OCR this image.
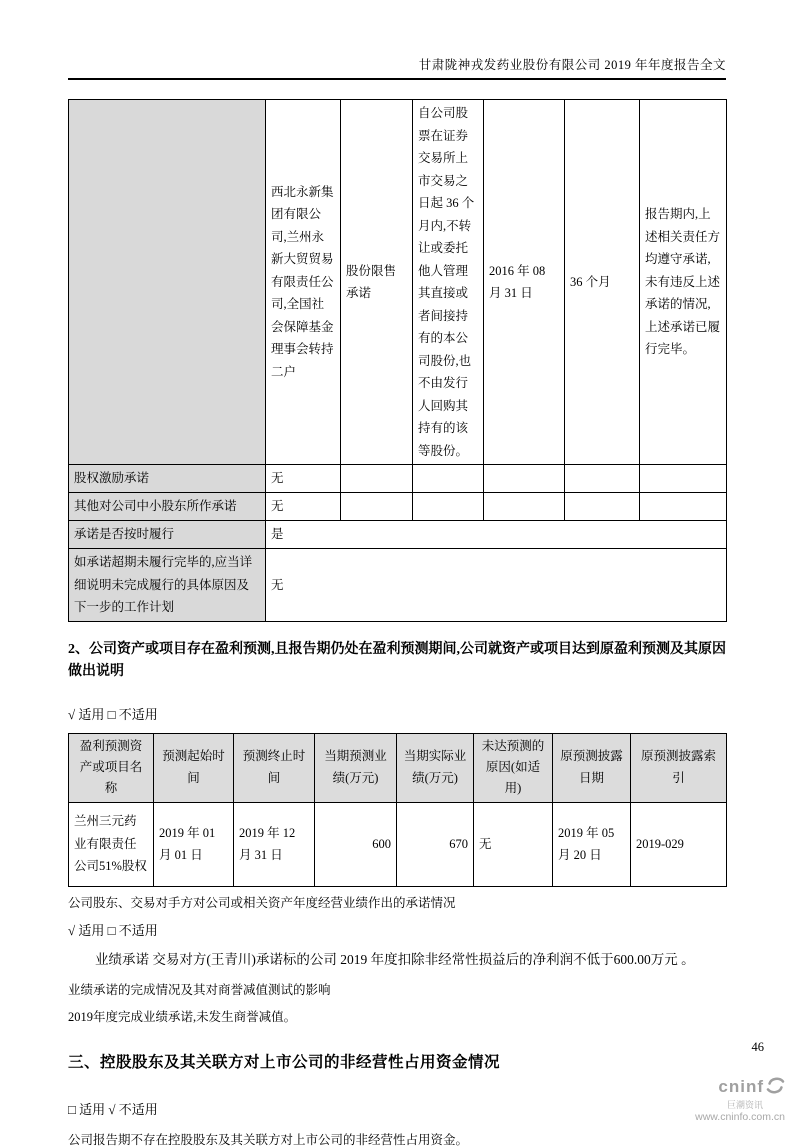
甘肃陇神戎发药业股份有限公司 2019 年年度报告全文
	西北永新集团有限公司,兰州永新大贸贸易有限责任公司,全国社会保障基金理事会转持二户	股份限售承诺	自公司股票在证券交易所上市交易之日起 36 个月内,不转让或委托他人管理其直接或者间接持有的本公司股份,也不由发行人回购其持有的该等股份。	2016 年 08 月 31 日	36 个月	报告期内,上述相关责任方均遵守承诺,未有违反上述承诺的情况,上述承诺已履行完毕。
股权激励承诺	无					
其他对公司中小股东所作承诺	无					
承诺是否按时履行	是					
如承诺超期未履行完毕的,应当详细说明未完成履行的具体原因及下一步的工作计划	无					
2、公司资产或项目存在盈利预测,且报告期仍处在盈利预测期间,公司就资产或项目达到原盈利预测及其原因做出说明
√ 适用 □ 不适用
盈利预测资产或项目名称	预测起始时间	预测终止时间	当期预测业绩(万元)	当期实际业绩(万元)	未达预测的原因(如适用)	原预测披露日期	原预测披露索引
兰州三元药业有限责任公司51%股权	2019 年 01 月 01 日	2019 年 12 月 31 日	600	670	无	2019 年 05 月 20 日	2019-029
公司股东、交易对手方对公司或相关资产年度经营业绩作出的承诺情况
√ 适用 □ 不适用
业绩承诺 交易对方(王青川)承诺标的公司 2019 年度扣除非经常性损益后的净利润不低于600.00万元 。
业绩承诺的完成情况及其对商誉减值测试的影响
2019年度完成业绩承诺,未发生商誉减值。
三、控股股东及其关联方对上市公司的非经营性占用资金情况
□ 适用 √ 不适用
公司报告期不存在控股股东及其关联方对上市公司的非经营性占用资金。
46
cninf
巨潮资讯
www.cninfo.com.cn
